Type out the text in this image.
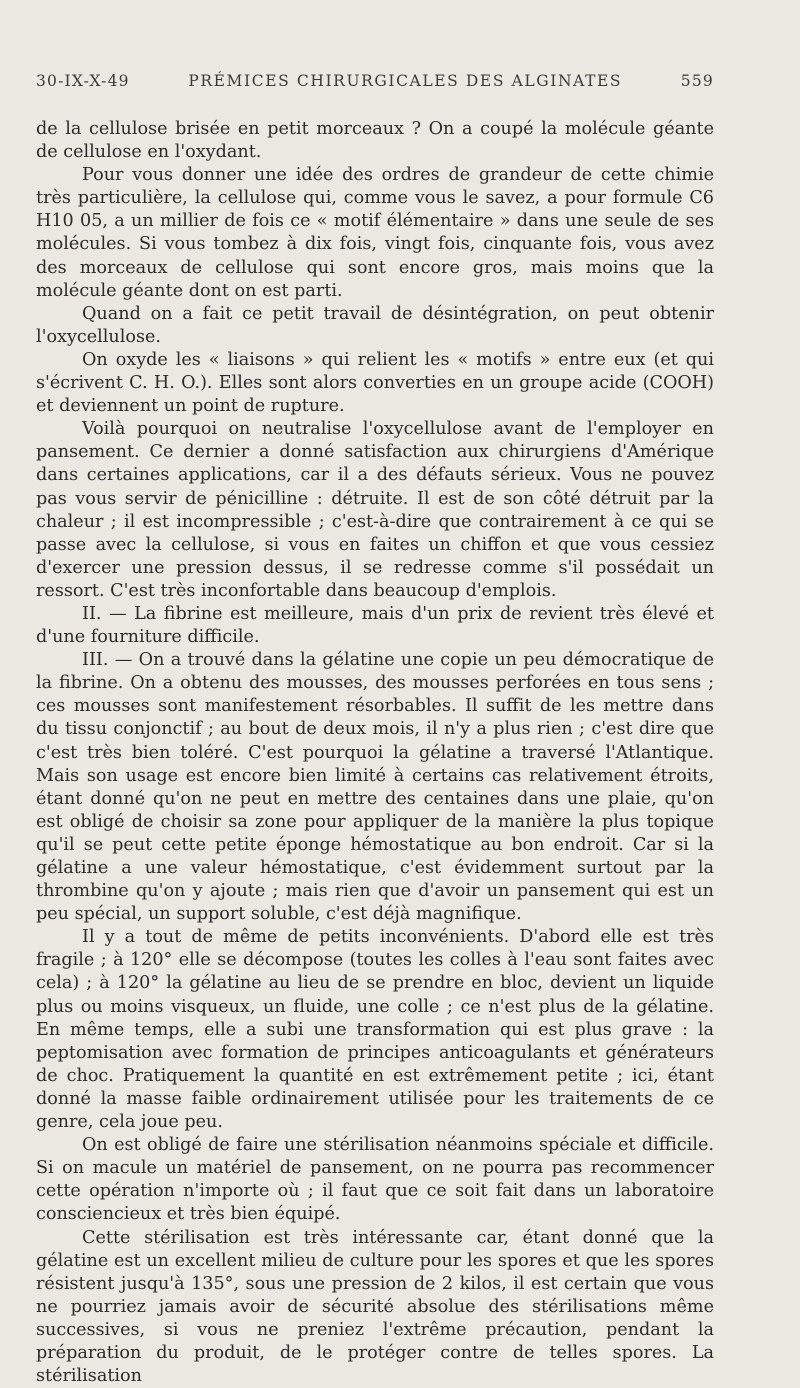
30-IX-X-49	PRÉMICES CHIRURGICALES DES ALGINATES	559

de la cellulose brisée en petit morceaux ? On a coupé la molécule géante de cellulose en l'oxydant.

Pour vous donner une idée des ordres de grandeur de cette chimie très particulière, la cellulose qui, comme vous le savez, a pour formule C6 H10 05, a un millier de fois ce « motif élémentaire » dans une seule de ses molécules. Si vous tombez à dix fois, vingt fois, cinquante fois, vous avez des morceaux de cellulose qui sont encore gros, mais moins que la molécule géante dont on est parti.

Quand on a fait ce petit travail de désintégration, on peut obtenir l'oxycellulose.

On oxyde les « liaisons » qui relient les « motifs » entre eux (et qui s'écrivent C. H. O.). Elles sont alors converties en un groupe acide (COOH) et deviennent un point de rupture.

Voilà pourquoi on neutralise l'oxycellulose avant de l'employer en pansement. Ce dernier a donné satisfaction aux chirurgiens d'Amérique dans certaines applications, car il a des défauts sérieux. Vous ne pouvez pas vous servir de pénicilline : détruite. Il est de son côté détruit par la chaleur ; il est incompressible ; c'est-à-dire que contrairement à ce qui se passe avec la cellulose, si vous en faites un chiffon et que vous cessiez d'exercer une pression dessus, il se redresse comme s'il possédait un ressort. C'est très inconfortable dans beaucoup d'emplois.

II. — La fibrine est meilleure, mais d'un prix de revient très élevé et d'une fourniture difficile.

III. — On a trouvé dans la gélatine une copie un peu démocratique de la fibrine. On a obtenu des mousses, des mousses perforées en tous sens ; ces mousses sont manifestement résorbables. Il suffit de les mettre dans du tissu conjonctif ; au bout de deux mois, il n'y a plus rien ; c'est dire que c'est très bien toléré. C'est pourquoi la gélatine a traversé l'Atlantique. Mais son usage est encore bien limité à certains cas relativement étroits, étant donné qu'on ne peut en mettre des centaines dans une plaie, qu'on est obligé de choisir sa zone pour appliquer de la manière la plus topique qu'il se peut cette petite éponge hémostatique au bon endroit. Car si la gélatine a une valeur hémostatique, c'est évidemment surtout par la thrombine qu'on y ajoute ; mais rien que d'avoir un pansement qui est un peu spécial, un support soluble, c'est déjà magnifique.

Il y a tout de même de petits inconvénients. D'abord elle est très fragile ; à 120° elle se décompose (toutes les colles à l'eau sont faites avec cela) ; à 120° la gélatine au lieu de se prendre en bloc, devient un liquide plus ou moins visqueux, un fluide, une colle ; ce n'est plus de la gélatine. En même temps, elle a subi une transformation qui est plus grave : la peptomisation avec formation de principes anticoagulants et générateurs de choc. Pratiquement la quantité en est extrêmement petite ; ici, étant donné la masse faible ordinairement utilisée pour les traitements de ce genre, cela joue peu.

On est obligé de faire une stérilisation néanmoins spéciale et difficile. Si on macule un matériel de pansement, on ne pourra pas recommencer cette opération n'importe où ; il faut que ce soit fait dans un laboratoire consciencieux et très bien équipé.

Cette stérilisation est très intéressante car, étant donné que la gélatine est un excellent milieu de culture pour les spores et que les spores résistent jusqu'à 135°, sous une pression de 2 kilos, il est certain que vous ne pourriez jamais avoir de sécurité absolue des stérilisations même successives, si vous ne preniez l'extrême précaution, pendant la préparation du produit, de le protéger contre de telles spores. La stérilisation
